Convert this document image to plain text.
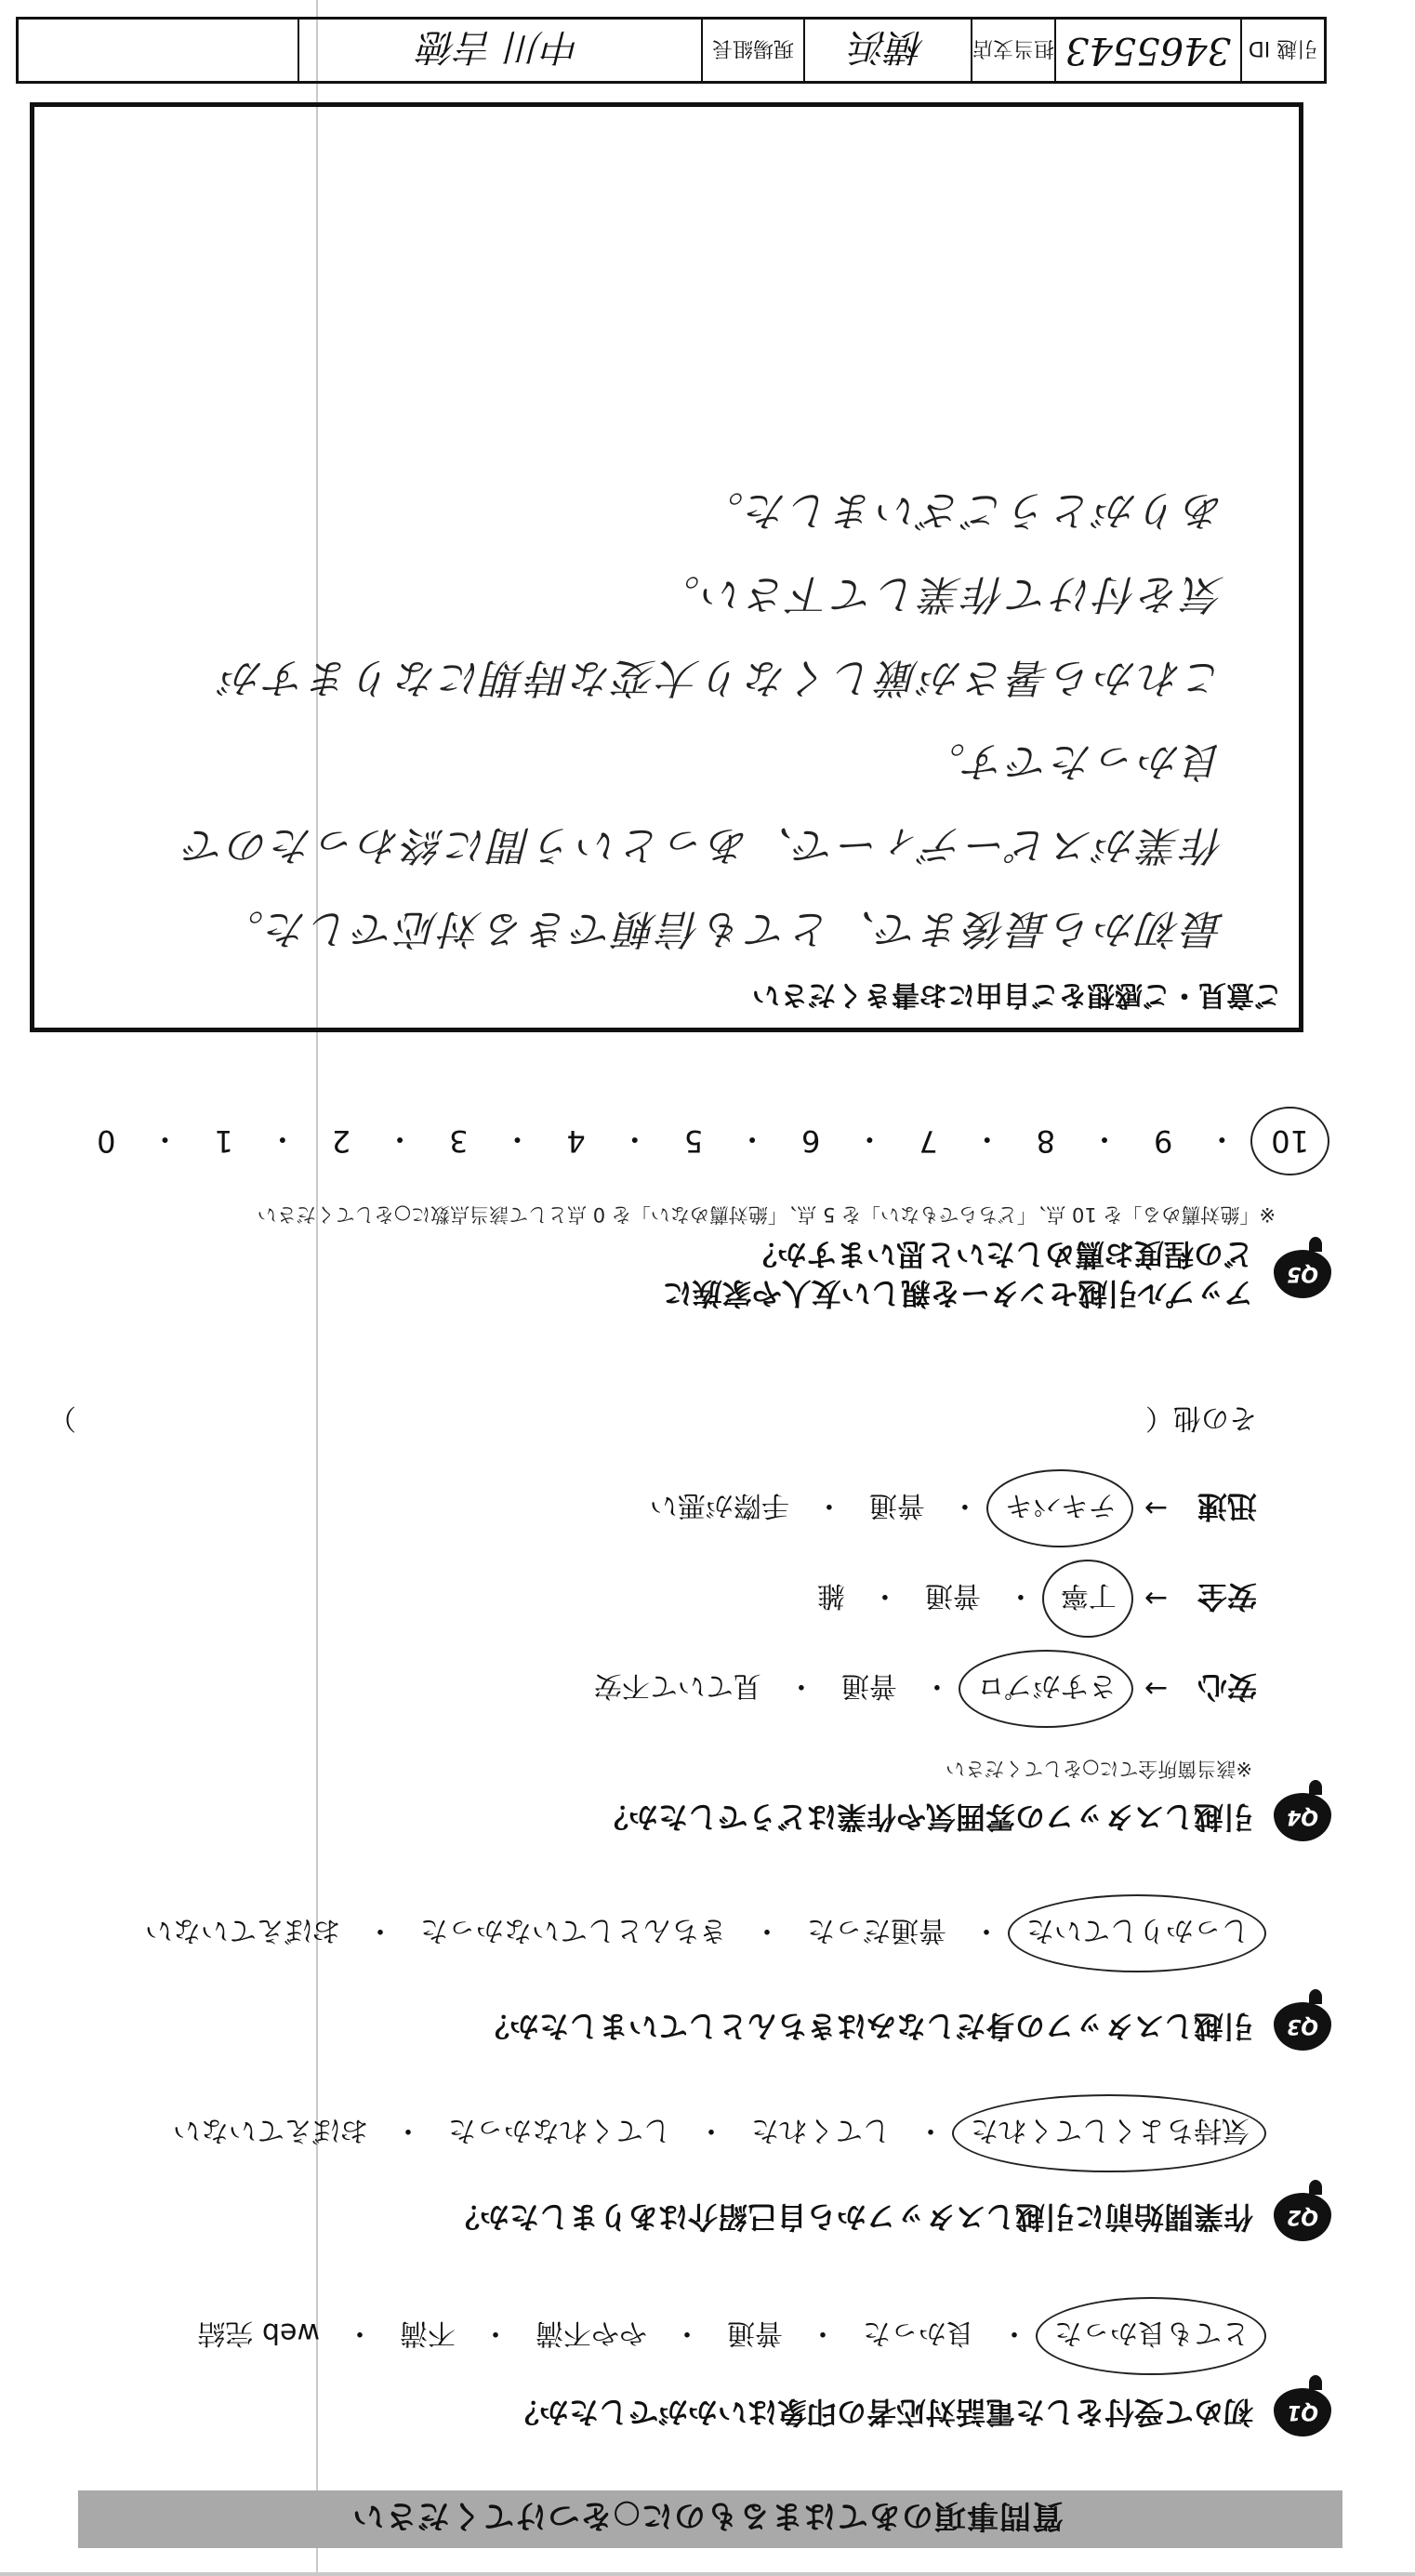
質問事項のあてはまるものに○をつけてください
Q1
初めて受付をした電話対応者の印象はいかがでしたか？
とても良かった
・
良かった
・
普通
・
やや不満
・
不満
・
web 完結
Q2
作業開始前に引越しスタッフから自己紹介はありましたか？
気持ちよくしてくれた
・
してくれた
・
してくれなかった
・
おぼえていない
Q3
引越しスタッフの身だしなみはきちんとしていましたか？
しっかりしていた
・
普通だった
・
きちんとしていなかった
・
おぼえていない
Q4
引越しスタッフの雰囲気や作業はどうでしたか？
※該当箇所全てに○をしてください
安心
→
さすがプロ
・
普通
・
見ていて不安
安全
→
丁寧
・
普通
・
雑
迅速
→
テキパキ
・
普通
・
手際が悪い
その他（
）
Q5
アップル引越センターを親しい友人や家族に
どの程度お薦めしたいと思いますか？
※「絶対薦める」を 10 点、「どちらでもない」を 5 点、「絶対薦めない」を 0 点として該当点数に○をしてください
10
・
9
・
8
・
7
・
6
・
5
・
4
・
3
・
2
・
1
・
0
ご意見・ご感想をご自由にお書きください
最初から最後まで、とても信頼できる対応でした。
作業がスピーディーで、あっという間に終わったので
良かったです。
これから暑さが厳しくなり大変な時期になりますが
気を付けて作業して下さい。
ありがとうございました。
引越 ID
3465543
担当支店
横浜
現場組長
中川 吉徳
